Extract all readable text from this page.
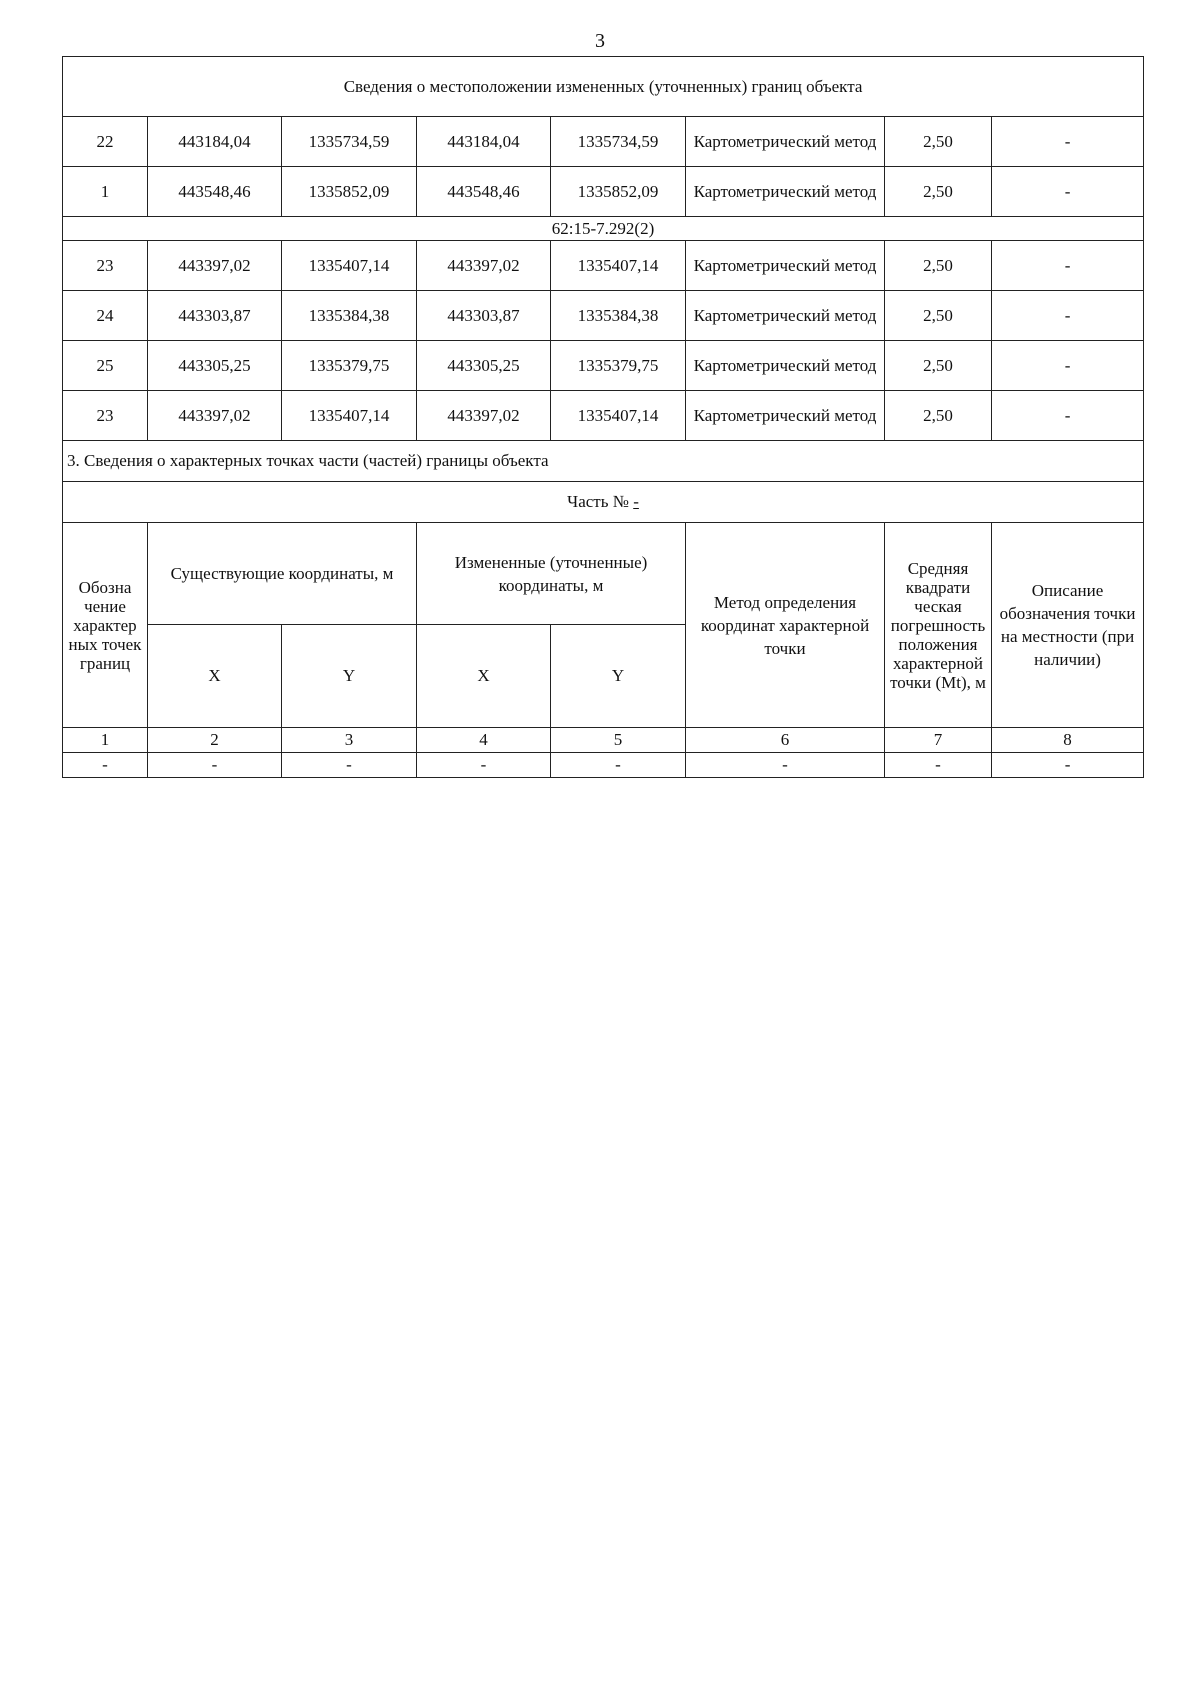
3
Сведения о местоположении измененных (уточненных) границ объекта							
22	443184,04	1335734,59	443184,04	1335734,59	Картометрический метод	2,50	-
1	443548,46	1335852,09	443548,46	1335852,09	Картометрический метод	2,50	-
62:15-7.292(2)							
23	443397,02	1335407,14	443397,02	1335407,14	Картометрический метод	2,50	-
24	443303,87	1335384,38	443303,87	1335384,38	Картометрический метод	2,50	-
25	443305,25	1335379,75	443305,25	1335379,75	Картометрический метод	2,50	-
23	443397,02	1335407,14	443397,02	1335407,14	Картометрический метод	2,50	-
3. Сведения о характерных точках части (частей) границы объекта							
Часть № -							
Обозна чение характер ных точек границ	Существующие координаты, м		Измененные (уточненные) координаты, м		Метод определения координат характерной точки	Средняя квадрати ческая погрешность положения характерной точки (Mt), м	Описание обозначения точки на местности (при наличии)
	X	Y	X	Y			
1	2	3	4	5	6	7	8
-	-	-	-	-	-	-	-
